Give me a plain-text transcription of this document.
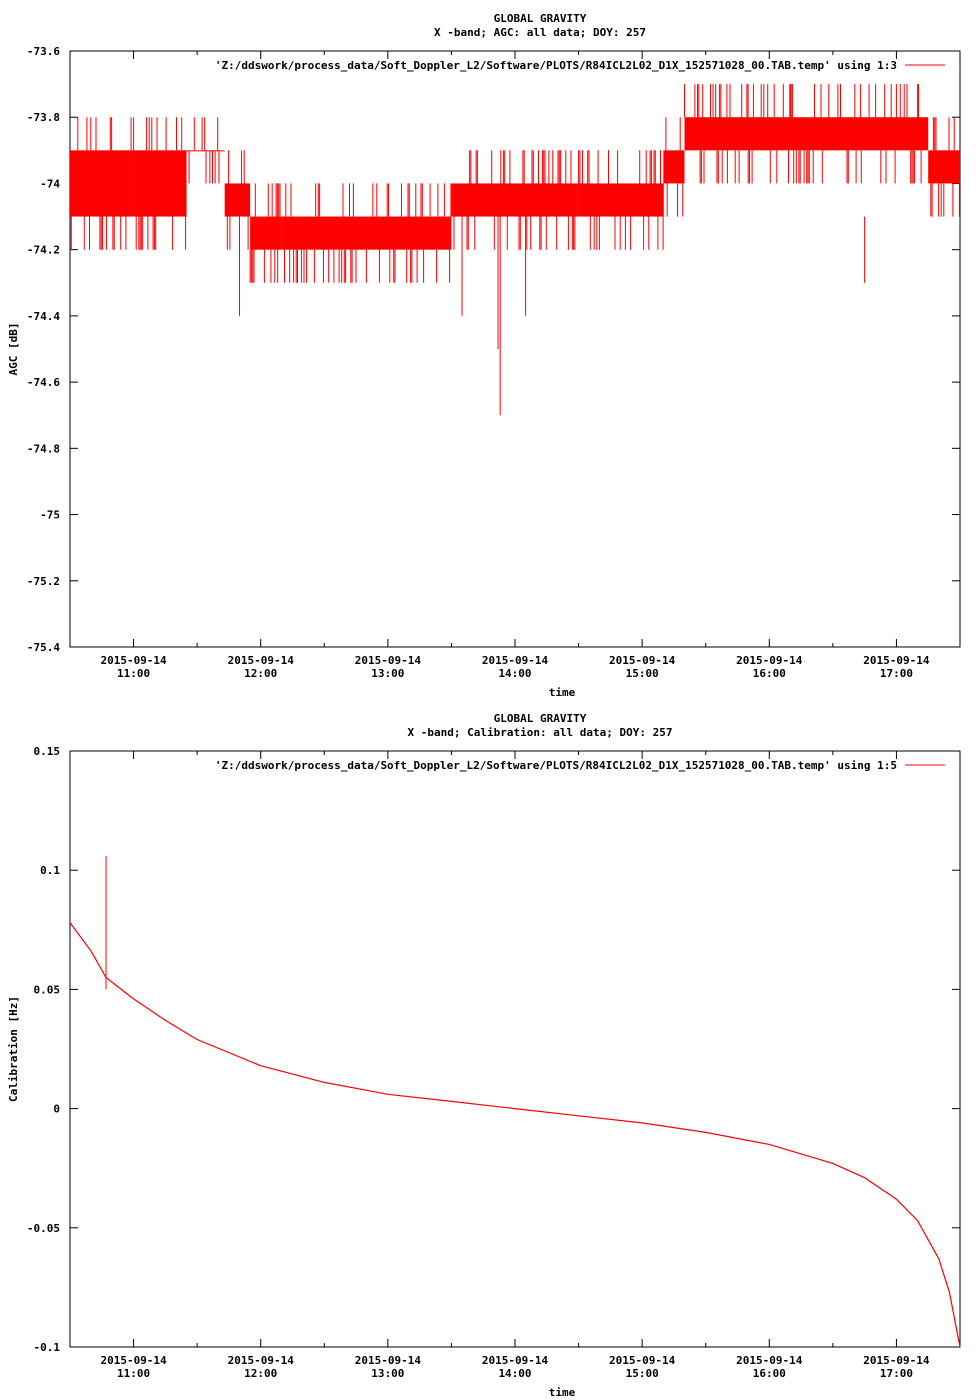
GLOBAL GRAVITY
X -band; AGC: all data; DOY: 257
-73.6
-73.8
-74
-74.2
-74.4
-74.6
-74.8
-75
-75.2
-75.4
2015-09-14
11:00
2015-09-14
12:00
2015-09-14
13:00
2015-09-14
14:00
2015-09-14
15:00
2015-09-14
16:00
2015-09-14
17:00
time
AGC [dB]
'Z:/ddswork/process_data/Soft_Doppler_L2/Software/PLOTS/R84ICL2L02_D1X_152571028_00.TAB.temp' using 1:3
GLOBAL GRAVITY
X -band; Calibration: all data; DOY: 257
0.15
0.1
0.05
0
-0.05
-0.1
2015-09-14
11:00
2015-09-14
12:00
2015-09-14
13:00
2015-09-14
14:00
2015-09-14
15:00
2015-09-14
16:00
2015-09-14
17:00
time
Calibration [Hz]
'Z:/ddswork/process_data/Soft_Doppler_L2/Software/PLOTS/R84ICL2L02_D1X_152571028_00.TAB.temp' using 1:5
